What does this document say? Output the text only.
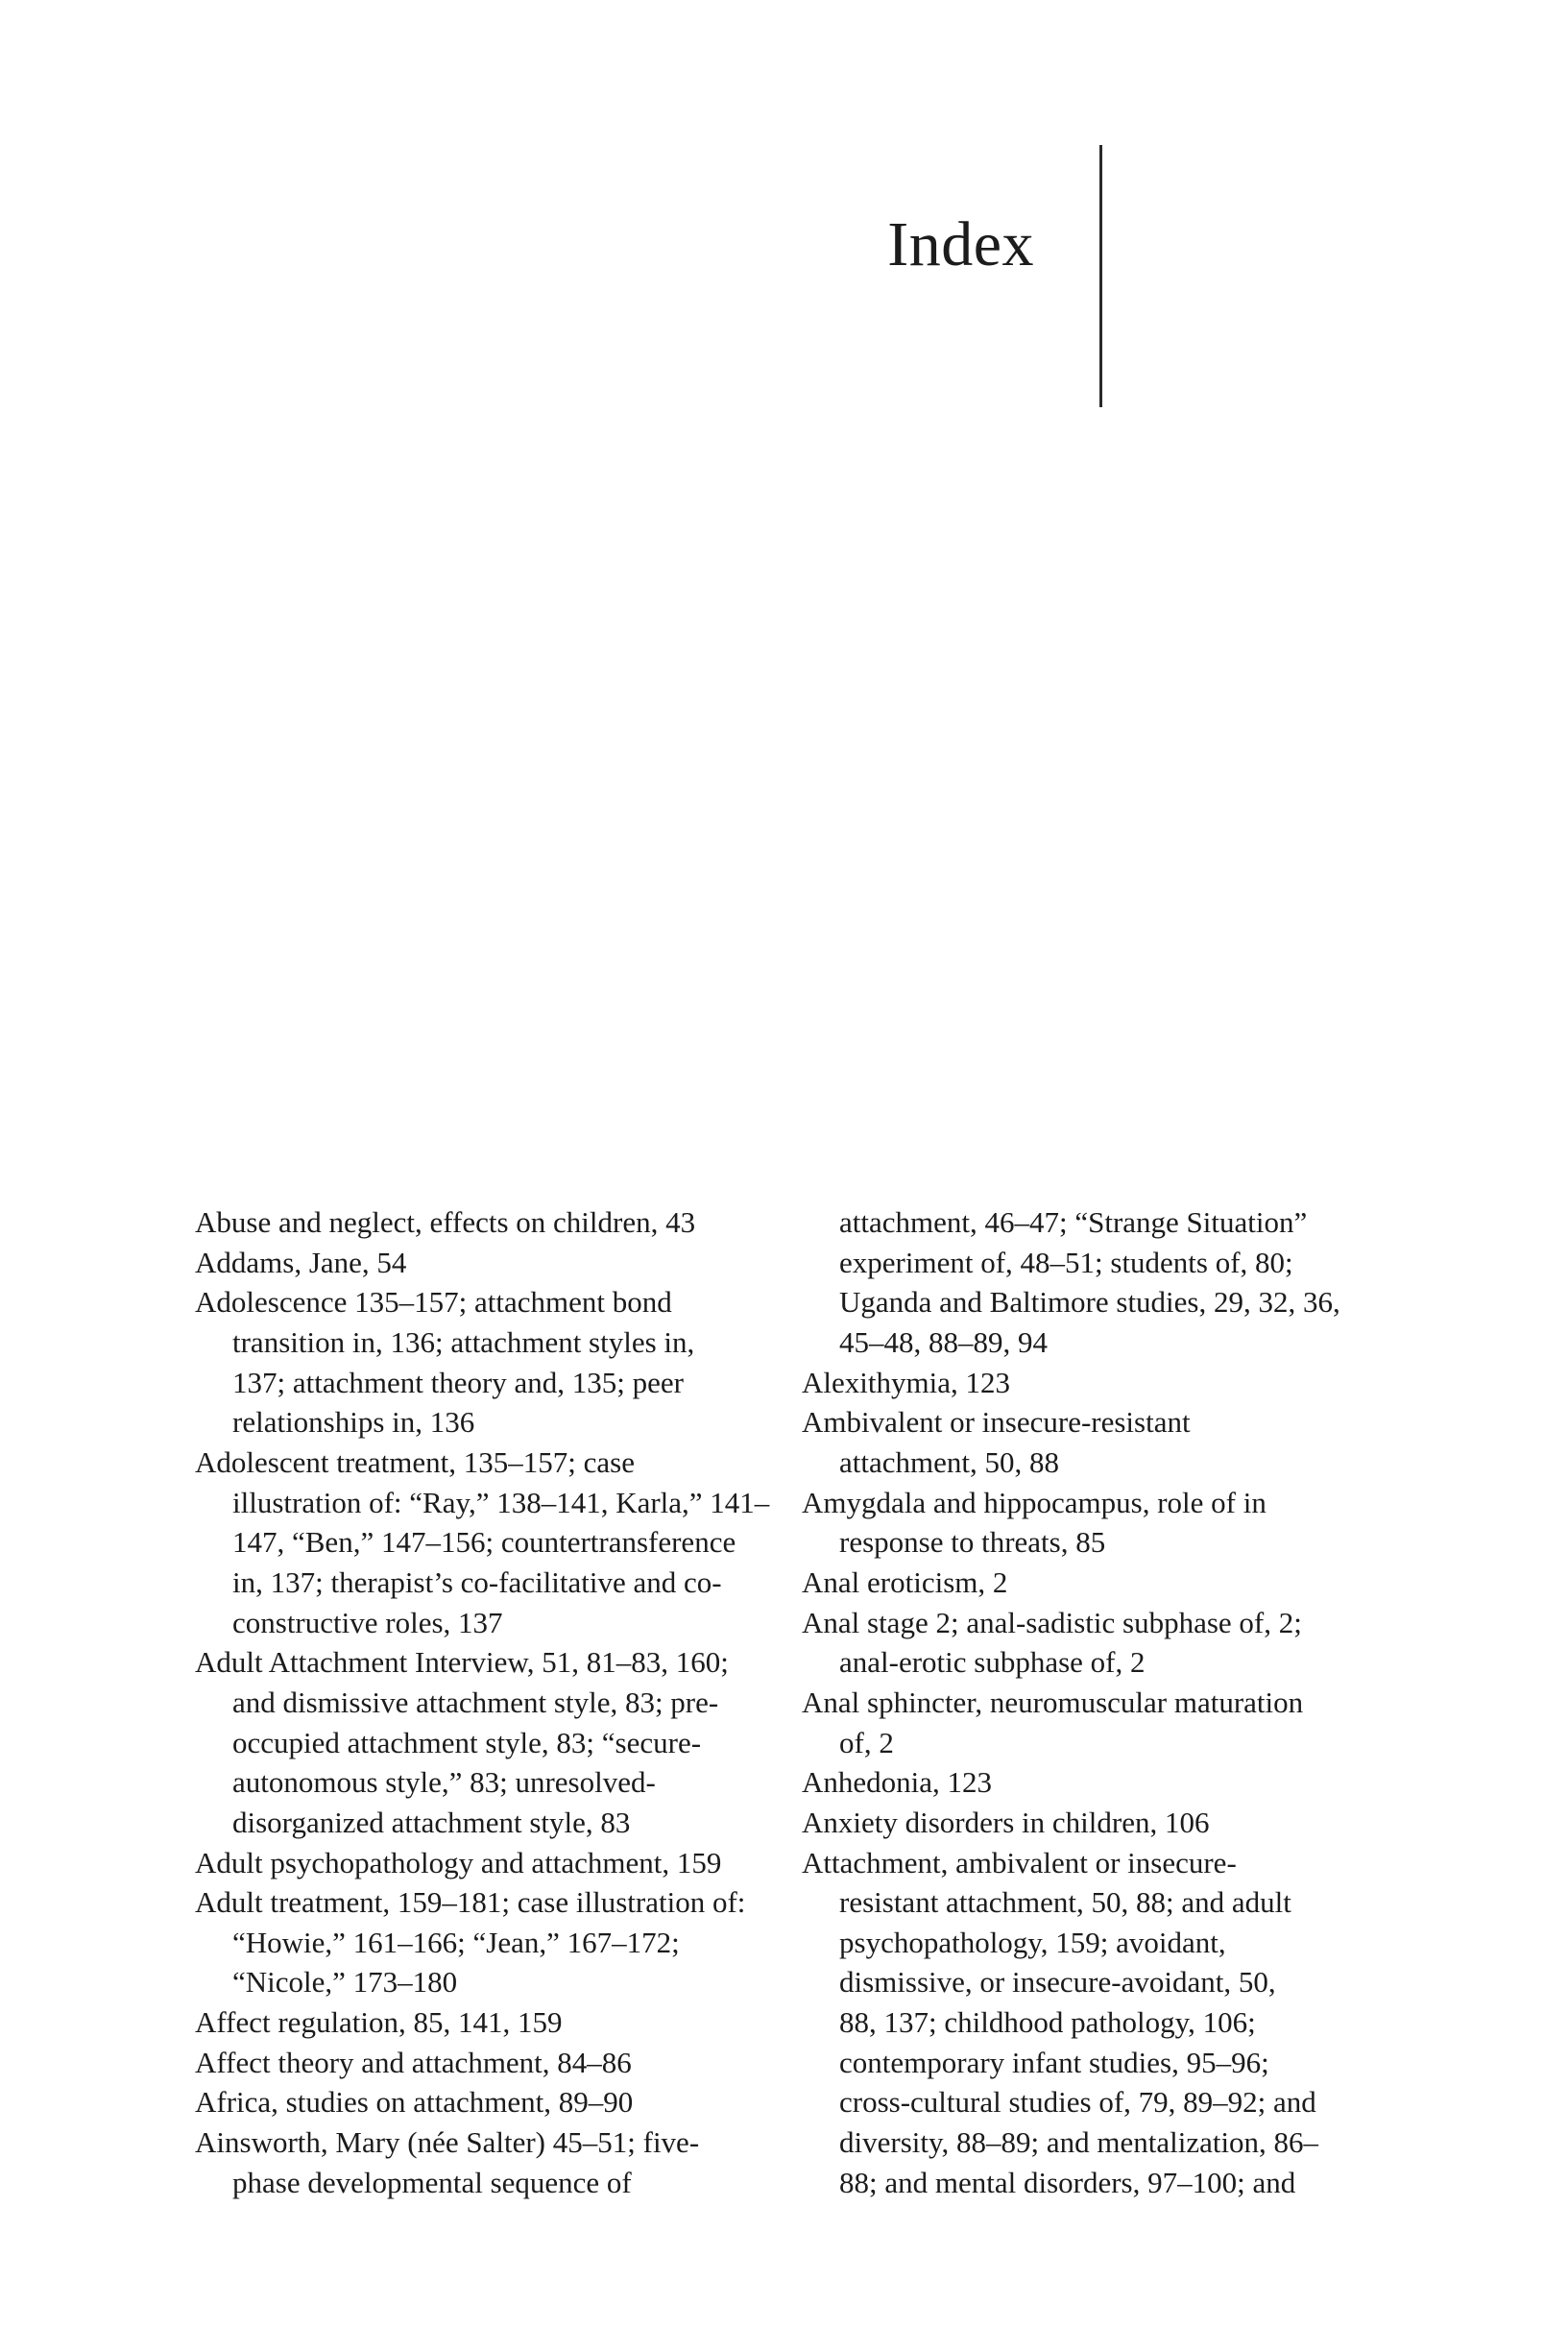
Index
Abuse and neglect, effects on children, 43
Addams, Jane, 54
Adolescence 135–157; attachment bond
transition in, 136; attachment styles in,
137; attachment theory and, 135; peer
relationships in, 136
Adolescent treatment, 135–157; case
illustration of: “Ray,” 138–141, Karla,” 141–
147, “Ben,” 147–156; countertransference
in, 137; therapist’s co-facilitative and co-
constructive roles, 137
Adult Attachment Interview, 51, 81–83, 160;
and dismissive attachment style, 83; pre-
occupied attachment style, 83; “secure-
autonomous style,” 83; unresolved-
disorganized attachment style, 83
Adult psychopathology and attachment, 159
Adult treatment, 159–181; case illustration of:
“Howie,” 161–166; “Jean,” 167–172;
“Nicole,” 173–180
Affect regulation, 85, 141, 159
Affect theory and attachment, 84–86
Africa, studies on attachment, 89–90
Ainsworth, Mary (née Salter) 45–51; five-
phase developmental sequence of
attachment, 46–47; “Strange Situation”
experiment of, 48–51; students of, 80;
Uganda and Baltimore studies, 29, 32, 36,
45–48, 88–89, 94
Alexithymia, 123
Ambivalent or insecure-resistant
attachment, 50, 88
Amygdala and hippocampus, role of in
response to threats, 85
Anal eroticism, 2
Anal stage 2; anal-sadistic subphase of, 2;
anal-erotic subphase of, 2
Anal sphincter, neuromuscular maturation
of, 2
Anhedonia, 123
Anxiety disorders in children, 106
Attachment, ambivalent or insecure-
resistant attachment, 50, 88; and adult
psychopathology, 159; avoidant,
dismissive, or insecure-avoidant, 50,
88, 137; childhood pathology, 106;
contemporary infant studies, 95–96;
cross-cultural studies of, 79, 89–92; and
diversity, 88–89; and mentalization, 86–
88; and mental disorders, 97–100; and
